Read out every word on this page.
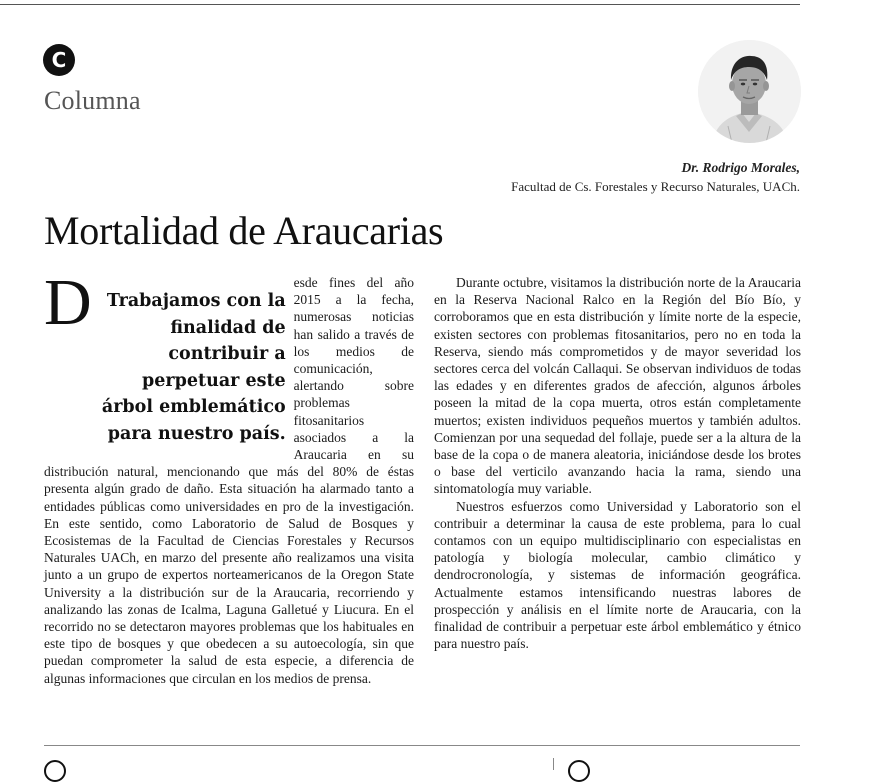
C
Columna
Dr. Rodrigo Morales,
Facultad de Cs. Forestales y Recurso Naturales, UACh.
Mortalidad de Araucarias
D Trabajamos con la finalidad de contribuir a perpetuar este árbol emblemático para nuestro país.
esde fines del año 2015 a la fecha, numerosas noticias han salido a través de los medios de comunicación, alertando sobre problemas fitosanitarios asociados a la Araucaria en su distribución natural, mencionando que más del 80% de éstas presenta algún grado de daño. Esta situación ha alarmado tanto a entidades públicas como universidades en pro de la investigación. En este sentido, como Laboratorio de Salud de Bosques y Ecosistemas de la Facultad de Ciencias Forestales y Recursos Naturales UACh, en marzo del presente año realizamos una visita junto a un grupo de expertos norteamericanos de la Oregon State University a la distribución sur de la Araucaria, recorriendo y analizando las zonas de Icalma, Laguna Galletué y Liucura. En el recorrido no se detectaron mayores problemas que los habituales en este tipo de bosques y que obedecen a su autoecología, sin que puedan comprometer la salud de esta especie, a diferencia de algunas informaciones que circulan en los medios de prensa.

Durante octubre, visitamos la distribución norte de la Araucaria en la Reserva Nacional Ralco en la Región del Bío Bío, y corroboramos que en esta distribución y límite norte de la especie, existen sectores con problemas fitosanitarios, pero no en toda la Reserva, siendo más comprometidos y de mayor severidad los sectores cerca del volcán Callaqui. Se observan individuos de todas las edades y en diferentes grados de afección, algunos árboles poseen la mitad de la copa muerta, otros están completamente muertos; existen individuos pequeños muertos y también adultos. Comienzan por una sequedad del follaje, puede ser a la altura de la base de la copa o de manera aleatoria, iniciándose desde los brotes o base del verticilo avanzando hacia la rama, siendo una sintomatología muy variable.

Nuestros esfuerzos como Universidad y Laboratorio son el contribuir a determinar la causa de este problema, para lo cual contamos con un equipo multidisciplinario con especialistas en patología y biología molecular, cambio climático y dendrocronología, y sistemas de información geográfica. Actualmente estamos intensificando nuestras labores de prospección y análisis en el límite norte de Araucaria, con la finalidad de contribuir a perpetuar este árbol emblemático y étnico para nuestro país.
